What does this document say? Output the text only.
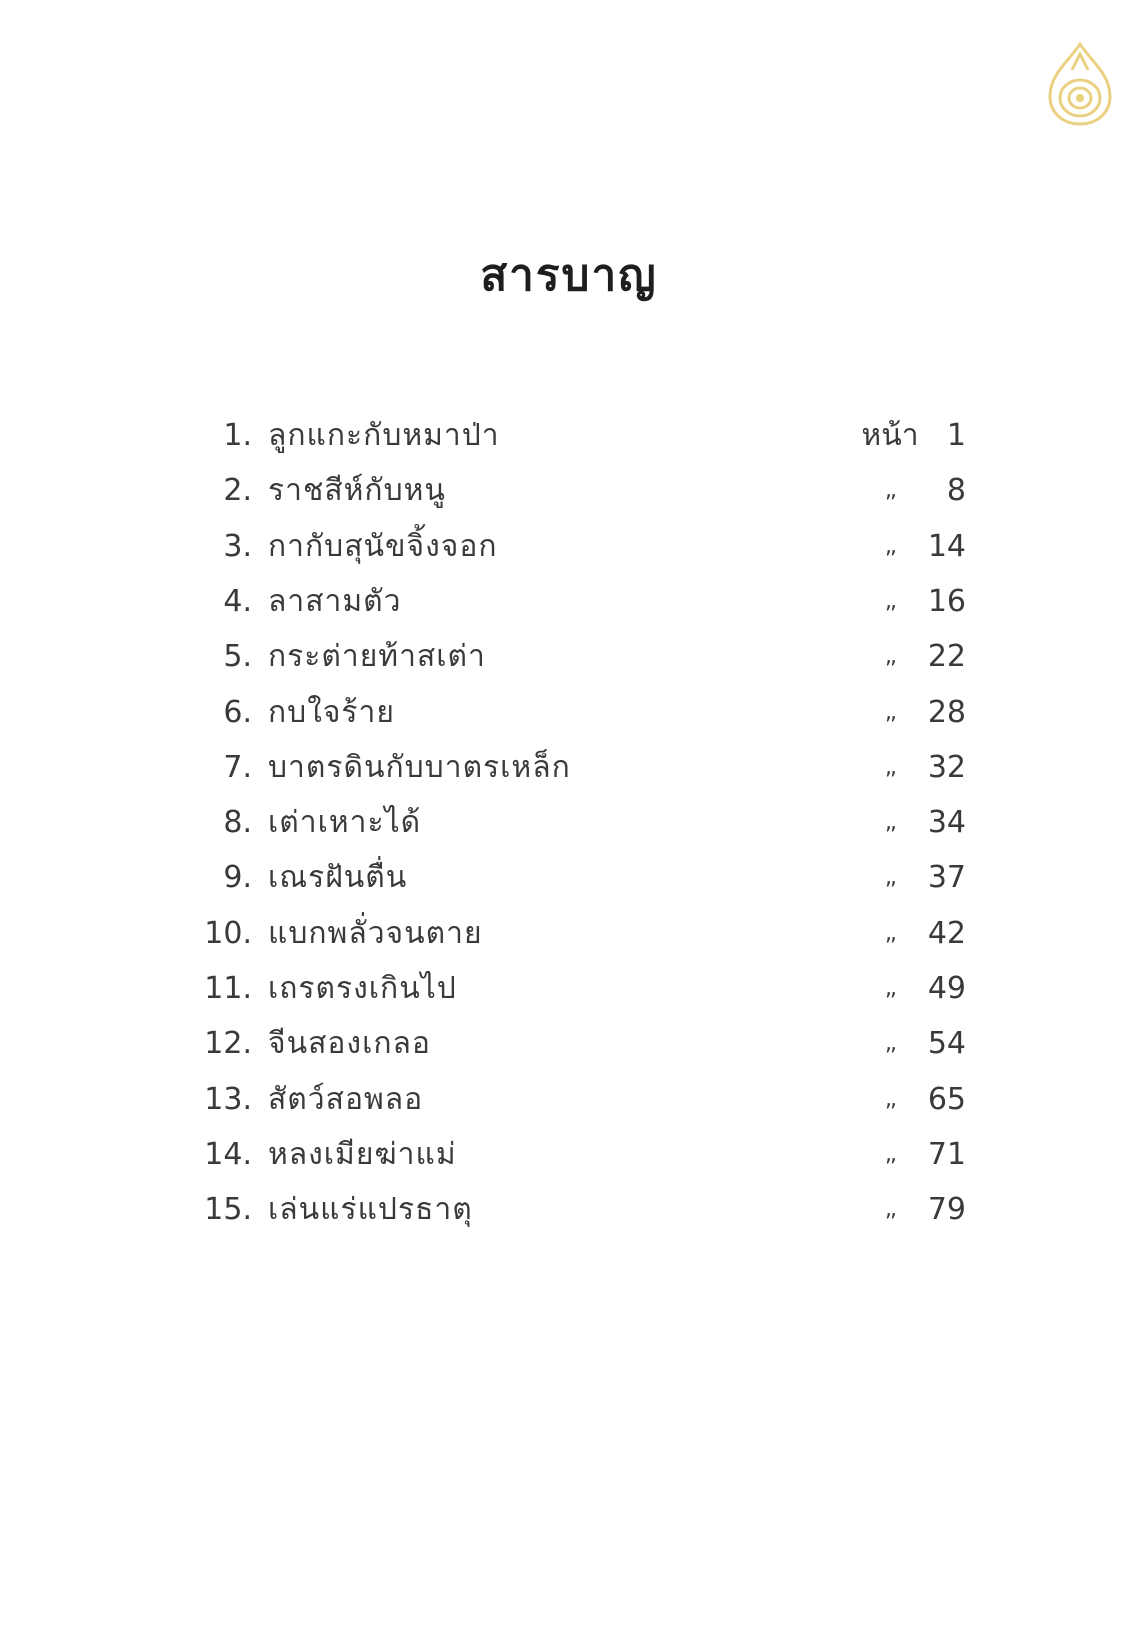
สารบาญ
1. ลูกแกะกับหมาป่า	หน้า 1
2. ราชสีห์กับหนู	,,	8
3. กากับสุนัขจิ้งจอก	,,	14
4. ลาสามตัว	,,	16
5. กระต่ายท้าสเต่า	,,	22
6. กบใจร้าย	,,	28
7. บาตรดินกับบาตรเหล็ก	,,	32
8. เต่าเหาะได้	,,	34
9. เณรฝันตื่น	,,	37
10. แบกพลั่วจนตาย	,,	42
11. เถรตรงเกินไป	,,	49
12. จีนสองเกลอ	,,	54
13. สัตว์สอพลอ	,,	65
14. หลงเมียฆ่าแม่	,,	71
15. เล่นแร่แปรธาตุ	,,	79
